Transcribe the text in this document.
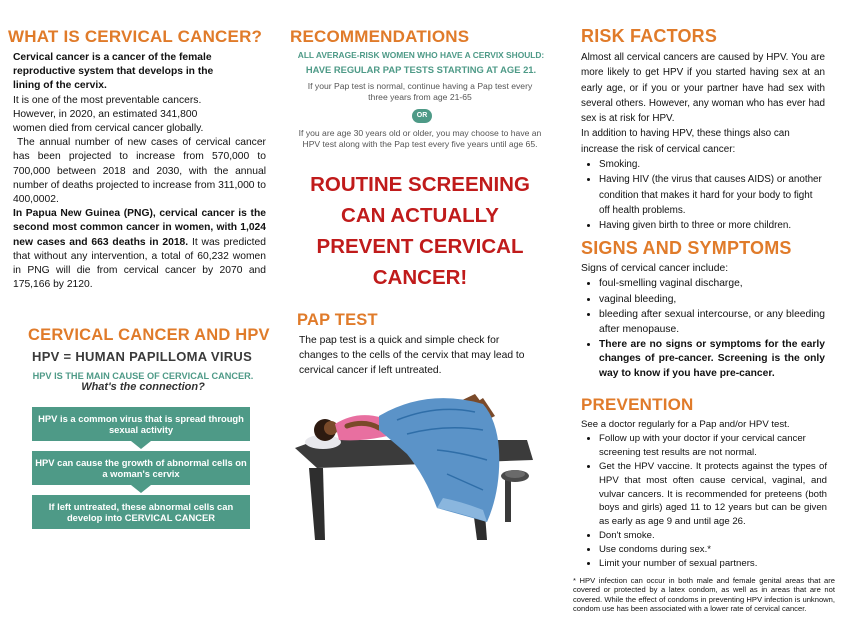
WHAT IS CERVICAL CANCER?

Cervical cancer is a cancer of the female reproductive system that develops in the lining of the cervix.

It is one of the most preventable cancers. However, in 2020, an estimated 341,800 women died from cervical cancer globally.

The annual number of new cases of cervical cancer has been projected to increase from 570,000 to 700,000 between 2018 and 2030, with the annual number of deaths projected to increase from 311,000 to 400,0002.

In Papua New Guinea (PNG), cervical cancer is the second most common cancer in women, with 1,024 new cases and 663 deaths in 2018. It was predicted that without any intervention, a total of 60,232 women in PNG will die from cervical cancer by 2070 and 175,166 by 2120.

CERVICAL CANCER AND HPV
HPV = HUMAN PAPILLOMA VIRUS
HPV IS THE MAIN CAUSE OF CERVICAL CANCER.
What's the connection?
HPV is a common virus that is spread through sexual activity
HPV can cause the growth of abnormal cells on a woman's cervix
If left untreated, these abnormal cells can develop into CERVICAL CANCER
RECOMMENDATIONS
ALL AVERAGE-RISK WOMEN WHO HAVE A CERVIX SHOULD:
HAVE REGULAR PAP TESTS STARTING AT AGE 21.
If your Pap test is normal, continue having a Pap test every three years from age 21-65
OR
If you are age 30 years old or older, you may choose to have an HPV test along with the Pap test every five years until age 65.
ROUTINE SCREENING CAN ACTUALLY PREVENT CERVICAL CANCER!
PAP TEST
The pap test is a quick and simple check for changes to the cells of the cervix that may lead to cervical cancer if left untreated.
RISK FACTORS

Almost all cervical cancers are caused by HPV. You are more likely to get HPV if you started having sex at an early age, or if you or your partner have had sex with several others. However, any woman who has ever had sex is at risk for HPV.

In addition to having HPV, these things also can increase the risk of cervical cancer:

• Smoking.
• Having HIV (the virus that causes AIDS) or another condition that makes it hard for your body to fight off health problems.
• Having given birth to three or more children.
SIGNS AND SYMPTOMS

Signs of cervical cancer include:

• foul-smelling vaginal discharge,
• vaginal bleeding,
• bleeding after sexual intercourse, or any bleeding after menopause.
• There are no signs or symptoms for the early changes of pre-cancer. Screening is the only way to know if you have pre-cancer.
PREVENTION

See a doctor regularly for a Pap and/or HPV test.

• Follow up with your doctor if your cervical cancer screening test results are not normal.
• Get the HPV vaccine. It protects against the types of HPV that most often cause cervical, vaginal, and vulvar cancers. It is recommended for preteens (both boys and girls) aged 11 to 12 years but can be given as early as age 9 and until age 26.
• Don't smoke.
• Use condoms during sex.*
• Limit your number of sexual partners.
* HPV infection can occur in both male and female genital areas that are covered or protected by a latex condom, as well as in areas that are not covered. While the effect of condoms in preventing HPV infection is unknown, condom use has been associated with a lower rate of cervical cancer.
